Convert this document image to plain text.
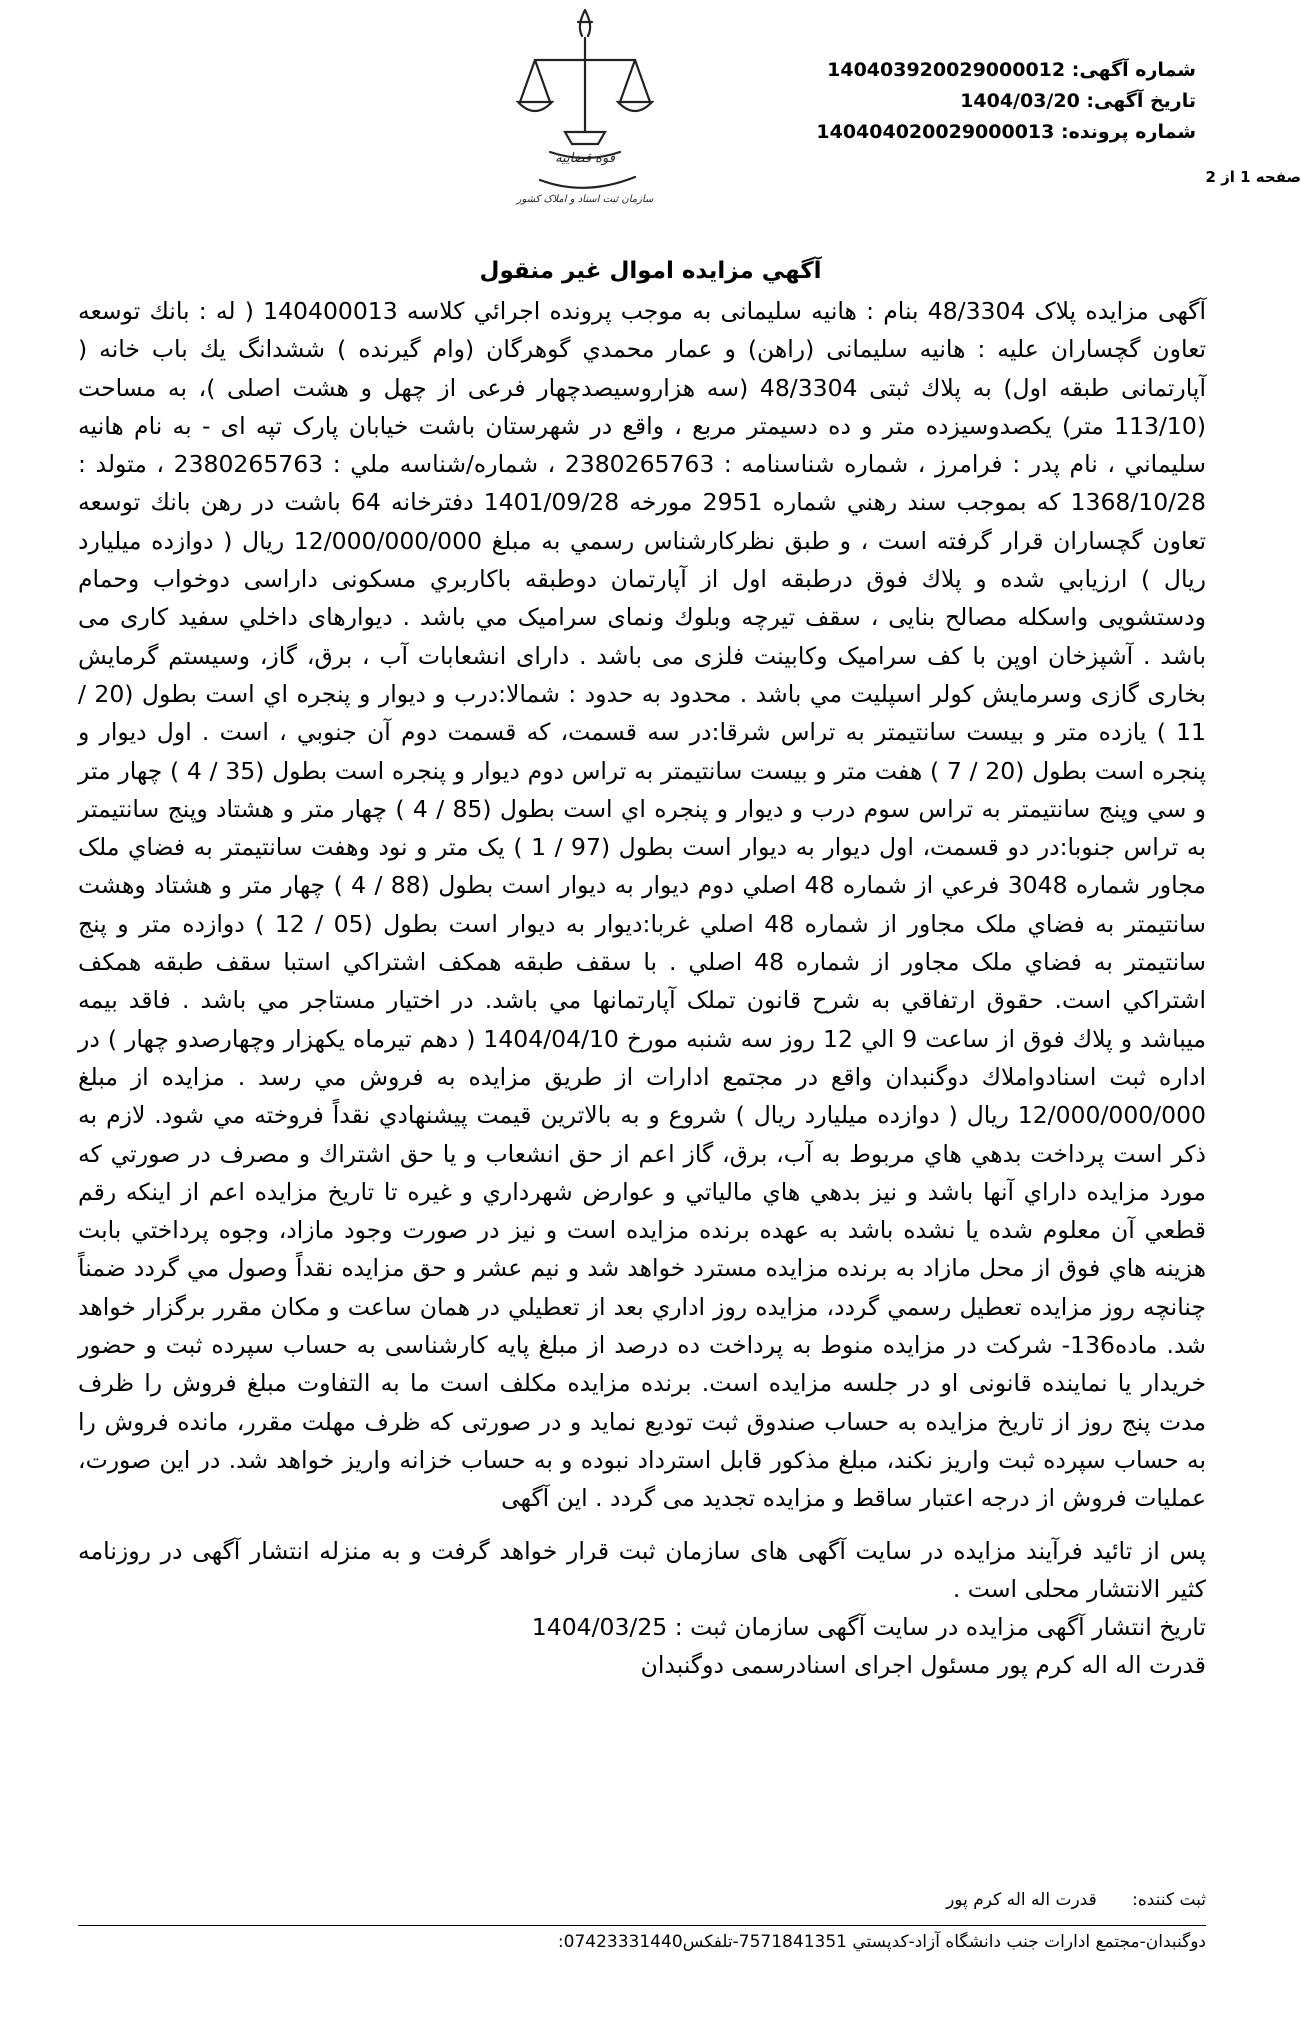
شماره آگهی: 140403920029000012
تاریخ آگهی: 1404/03/20
شماره پرونده: 140404020029000013
صفحه 1 از 2
قوه قضاییه
سازمان ثبت اسناد و املاک کشور
آگهي مزايده اموال غير منقول

آگهی مزایده پلاک 48/3304 بنام : هانیه سلیمانی به موجب پرونده اجرائي كلاسه 140400013 ( له : بانك توسعه تعاون گچساران علیه : هانیه سلیمانی (راهن) و عمار محمدي گوهرگان (وام گیرنده ) ششدانگ يك باب خانه ( آپارتمانی طبقه اول) به پلاك ثبتی 48/3304 (سه هزاروسیصدچهار فرعی از چهل و هشت اصلی )، به مساحت (113/10 متر) یکصدوسیزده متر و ده دسیمتر مربع ، واقع در شهرستان باشت خیابان پارک تپه ای - به نام هانيه سليماني ، نام پدر : فرامرز ، شماره شناسنامه : 2380265763 ، شماره/شناسه ملي : 2380265763 ، متولد : 1368/10/28 كه بموجب سند رهني شماره 2951 مورخه 1401/09/28 دفترخانه 64 باشت در رهن بانك توسعه تعاون گچساران قرار گرفته است ، و طبق نظركارشناس رسمي به مبلغ 12/000/000/000 ريال ( دوازده ميليارد ريال ) ارزيابي شده و پلاك فوق درطبقه اول از آپارتمان دوطبقه باكاربري مسكونی داراسی دوخواب وحمام ودستشويی واسكله مصالح بنايی ، سقف تيرچه وبلوك ونمای سراميک مي باشد . ديوارهای داخلي سفيد كاری می باشد . آشپزخان اوپن با كف سراميک وكابينت فلزی می باشد . دارای انشعابات آب ، برق، گاز، وسيستم گرمايش بخاری گازی وسرمايش كولر اسپليت مي باشد . محدود به حدود : شمالا:درب و ديوار و پنجره اي است بطول (20 / 11 ) يازده متر و بيست سانتيمتر به تراس شرقا:در سه قسمت، كه قسمت دوم آن جنوبي ، است . اول ديوار و پنجره است بطول (20 / 7 ) هفت متر و بيست سانتيمتر به تراس دوم ديوار و پنجره است بطول (35 / 4 ) چهار متر و سي وپنج سانتيمتر به تراس سوم درب و ديوار و پنجره اي است بطول (85 / 4 ) چهار متر و هشتاد وپنج سانتيمتر به تراس جنوبا:در دو قسمت، اول ديوار به ديوار است بطول (97 / 1 ) يک متر و نود وهفت سانتيمتر به فضاي ملک مجاور شماره 3048 فرعي از شماره 48 اصلي دوم ديوار به ديوار است بطول (88 / 4 ) چهار متر و هشتاد وهشت سانتيمتر به فضاي ملک مجاور از شماره 48 اصلي غربا:ديوار به ديوار است بطول (05 / 12 ) دوازده متر و پنج سانتيمتر به فضاي ملک مجاور از شماره 48 اصلي . با سقف طبقه همكف اشتراكي استبا سقف طبقه همكف اشتراكي است. حقوق ارتفاقي به شرح قانون تملک آپارتمانها مي باشد. در اختيار مستاجر مي باشد . فاقد بيمه ميباشد و پلاك فوق از ساعت 9 الي 12 روز سه شنبه مورخ 1404/04/10 ( دهم تيرماه يكهزار وچهارصدو چهار ) در اداره ثبت اسنادواملاك دوگنبدان واقع در مجتمع ادارات از طريق مزايده به فروش مي رسد . مزايده از مبلغ 12/000/000/000 ريال ( دوازده ميليارد ريال ) شروع و به بالاترين قيمت پيشنهادي نقداً فروخته مي شود. لازم به ذكر است پرداخت بدهي هاي مربوط به آب، برق، گاز اعم از حق انشعاب و يا حق اشتراك و مصرف در صورتي كه مورد مزايده داراي آنها باشد و نيز بدهي هاي مالياتي و عوارض شهرداري و غيره تا تاريخ مزايده اعم از اينكه رقم قطعي آن معلوم شده يا نشده باشد به عهده برنده مزايده است و نيز در صورت وجود مازاد، وجوه پرداختي بابت هزينه هاي فوق از محل مازاد به برنده مزايده مسترد خواهد شد و نيم عشر و حق مزايده نقداً وصول مي گردد ضمناً چنانچه روز مزايده تعطيل رسمي گردد، مزايده روز اداري بعد از تعطيلي در همان ساعت و مكان مقرر برگزار خواهد شد. ماده136- شركت در مزايده منوط به پرداخت ده درصد از مبلغ پايه كارشناسی به حساب سپرده ثبت و حضور خريدار يا نماينده قانونی او در جلسه مزايده است. برنده مزايده مكلف است ما به التفاوت مبلغ فروش را ظرف مدت پنج روز از تاريخ مزايده به حساب صندوق ثبت توديع نمايد و در صورتی كه ظرف مهلت مقرر، مانده فروش را به حساب سپرده ثبت واريز نكند، مبلغ مذكور قابل استرداد نبوده و به حساب خزانه واريز خواهد شد. در اين صورت، عمليات فروش از درجه اعتبار ساقط و مزايده تجديد می گردد . اين آگهی

پس از تائيد فرآيند مزايده در سايت آگهی های سازمان ثبت قرار خواهد گرفت و به منزله انتشار آگهی در روزنامه كثير الانتشار محلی است .

تاریخ انتشار آگهی مزایده در سایت آگهی سازمان ثبت : 1404/03/25

قدرت اله اله کرم پور مسئول اجرای اسنادرسمی دوگنبدان

ثبت کننده: قدرت اله اله کرم پور
دوگنبدان-مجتمع ادارات جنب دانشگاه آزاد-کدپستي 7571841351-تلفکس07423331440:
